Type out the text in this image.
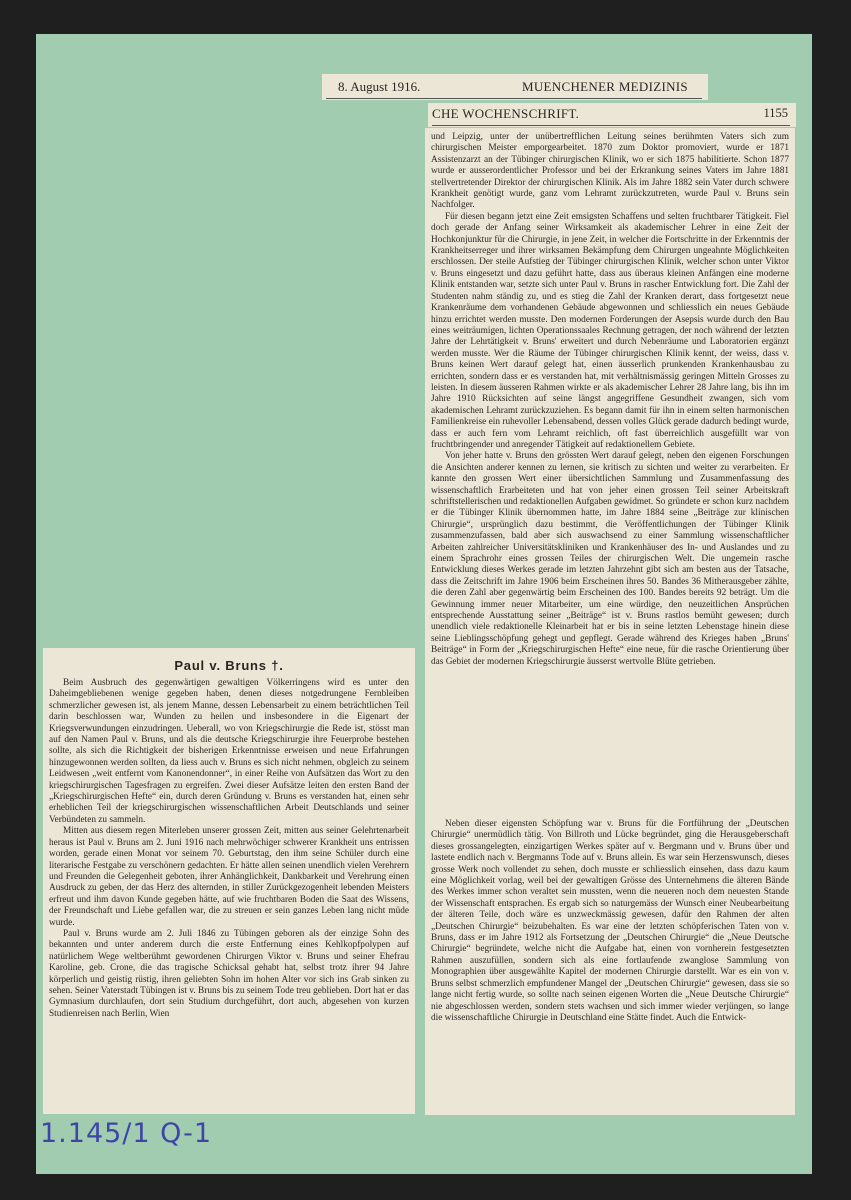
8. August 1916.	MUENCHENER MEDIZINIS
CHE WOCHENSCHRIFT.	1155

und Leipzig, unter der unübertrefflichen Leitung seines berühmten Vaters sich zum chirurgischen Meister emporgearbeitet. 1870 zum Doktor promoviert, wurde er 1871 Assistenzarzt an der Tübinger chirurgischen Klinik, wo er sich 1875 habilitierte. Schon 1877 wurde er ausserordentlicher Professor und bei der Erkrankung seines Vaters im Jahre 1881 stellvertretender Direktor der chirurgischen Klinik. Als im Jahre 1882 sein Vater durch schwere Krankheit genötigt wurde, ganz vom Lehramt zurückzutreten, wurde Paul v. Bruns sein Nachfolger.

Für diesen begann jetzt eine Zeit emsigsten Schaffens und selten fruchtbarer Tätigkeit. Fiel doch gerade der Anfang seiner Wirksamkeit als akademischer Lehrer in eine Zeit der Hochkonjunktur für die Chirurgie, in jene Zeit, in welcher die Fortschritte in der Erkenntnis der Krankheitserreger und ihrer wirksamen Bekämpfung dem Chirurgen ungeahnte Möglichkeiten erschlossen. Der steile Aufstieg der Tübinger chirurgischen Klinik, welcher schon unter Viktor v. Bruns eingesetzt und dazu geführt hatte, dass aus überaus kleinen Anfängen eine moderne Klinik entstanden war, setzte sich unter Paul v. Bruns in rascher Entwicklung fort. Die Zahl der Studenten nahm ständig zu, und es stieg die Zahl der Kranken derart, dass fortgesetzt neue Krankenräume dem vorhandenen Gebäude abgewonnen und schliesslich ein neues Gebäude hinzu errichtet werden musste. Den modernen Forderungen der Asepsis wurde durch den Bau eines weiträumigen, lichten Operationssaales Rechnung getragen, der noch während der letzten Jahre der Lehrtätigkeit v. Bruns' erweitert und durch Nebenräume und Laboratorien ergänzt werden musste. Wer die Räume der Tübinger chirurgischen Klinik kennt, der weiss, dass v. Bruns keinen Wert darauf gelegt hat, einen äusserlich prunkenden Krankenhausbau zu errichten, sondern dass er es verstanden hat, mit verhältnismässig geringen Mitteln Grosses zu leisten. In diesem äusseren Rahmen wirkte er als akademischer Lehrer 28 Jahre lang, bis ihn im Jahre 1910 Rücksichten auf seine längst angegriffene Gesundheit zwangen, sich vom akademischen Lehramt zurückzuziehen. Es begann damit für ihn in einem selten harmonischen Familienkreise ein ruhevoller Lebensabend, dessen volles Glück gerade dadurch bedingt wurde, dass er auch fern vom Lehramt reichlich, oft fast überreichlich ausgefüllt war von fruchtbringender und anregender Tätigkeit auf redaktionellem Gebiete.

Von jeher hatte v. Bruns den grössten Wert darauf gelegt, neben den eigenen Forschungen die Ansichten anderer kennen zu lernen, sie kritisch zu sichten und weiter zu verarbeiten. Er kannte den grossen Wert einer übersichtlichen Sammlung und Zusammenfassung des wissenschaftlich Erarbeiteten und hat von jeher einen grossen Teil seiner Arbeitskraft schriftstellerischen und redaktionellen Aufgaben gewidmet. So gründete er schon kurz nachdem er die Tübinger Klinik übernommen hatte, im Jahre 1884 seine „Beiträge zur klinischen Chirurgie“, ursprünglich dazu bestimmt, die Veröffentlichungen der Tübinger Klinik zusammenzufassen, bald aber sich auswachsend zu einer Sammlung wissenschaftlicher Arbeiten zahlreicher Universitätskliniken und Krankenhäuser des In- und Auslandes und zu einem Sprachrohr eines grossen Teiles der chirurgischen Welt. Die ungemein rasche Entwicklung dieses Werkes gerade im letzten Jahrzehnt gibt sich am besten aus der Tatsache, dass die Zeitschrift im Jahre 1906 beim Erscheinen ihres 50. Bandes 36 Mitherausgeber zählte, die deren Zahl aber gegenwärtig beim Erscheinen des 100. Bandes bereits 92 beträgt. Um die Gewinnung immer neuer Mitarbeiter, um eine würdige, den neuzeitlichen Ansprüchen entsprechende Ausstattung seiner „Beiträge“ ist v. Bruns rastlos bemüht gewesen; durch unendlich viele redaktionelle Kleinarbeit hat er bis in seine letzten Lebenstage hinein diese seine Lieblingsschöpfung gehegt und gepflegt. Gerade während des Krieges haben „Bruns' Beiträge“ in Form der „Kriegschirurgischen Hefte“ eine neue, für die rasche Orientierung über das Gebiet der modernen Kriegschirurgie äusserst wertvolle Blüte getrieben.

Neben dieser eigensten Schöpfung war v. Bruns für die Fortführung der „Deutschen Chirurgie“ unermüdlich tätig. Von Billroth und Lücke begründet, ging die Herausgeberschaft dieses grossangelegten, einzigartigen Werkes später auf v. Bergmann und v. Bruns über und lastete endlich nach v. Bergmanns Tode auf v. Bruns allein. Es war sein Herzenswunsch, dieses grosse Werk noch vollendet zu sehen, doch musste er schliesslich einsehen, dass dazu kaum eine Möglichkeit vorlag, weil bei der gewaltigen Grösse des Unternehmens die älteren Bände des Werkes immer schon veraltet sein mussten, wenn die neueren noch dem neuesten Stande der Wissenschaft entsprachen. Es ergab sich so naturgemäss der Wunsch einer Neubearbeitung der älteren Teile, doch wäre es unzweckmässig gewesen, dafür den Rahmen der alten „Deutschen Chirurgie“ beizubehalten. Es war eine der letzten schöpferischen Taten von v. Bruns, dass er im Jahre 1912 als Fortsetzung der „Deutschen Chirurgie“ die „Neue Deutsche Chirurgie“ begründete, welche nicht die Aufgabe hat, einen von vornherein festgesetzten Rahmen auszufüllen, sondern sich als eine fortlaufende zwanglose Sammlung von Monographien über ausgewählte Kapitel der modernen Chirurgie darstellt. War es ein von v. Bruns selbst schmerzlich empfundener Mangel der „Deutschen Chirurgie“ gewesen, dass sie so lange nicht fertig wurde, so sollte nach seinen eigenen Worten die „Neue Deutsche Chirurgie“ nie abgeschlossen werden, sondern stets wachsen und sich immer wieder verjüngen, so lange die wissenschaftliche Chirurgie in Deutschland eine Stätte findet. Auch die Entwick-

Paul v. Bruns †.

Beim Ausbruch des gegenwärtigen gewaltigen Völkerringens wird es unter den Daheimgebliebenen wenige gegeben haben, denen dieses notgedrungene Fernbleiben schmerzlicher gewesen ist, als jenem Manne, dessen Lebensarbeit zu einem beträchtlichen Teil darin beschlossen war, Wunden zu heilen und insbesondere in die Eigenart der Kriegsverwundungen einzudringen. Ueberall, wo von Kriegschirurgie die Rede ist, stösst man auf den Namen Paul v. Bruns, und als die deutsche Kriegschirurgie ihre Feuerprobe bestehen sollte, als sich die Richtigkeit der bisherigen Erkenntnisse erweisen und neue Erfahrungen hinzugewonnen werden sollten, da liess auch v. Bruns es sich nicht nehmen, obgleich zu seinem Leidwesen „weit entfernt vom Kanonendonner“, in einer Reihe von Aufsätzen das Wort zu den kriegschirurgischen Tagesfragen zu ergreifen. Zwei dieser Aufsätze leiten den ersten Band der „Kriegschirurgischen Hefte“ ein, durch deren Gründung v. Bruns es verstanden hat, einen sehr erheblichen Teil der kriegschirurgischen wissenschaftlichen Arbeit Deutschlands und seiner Verbündeten zu sammeln.

Mitten aus diesem regen Miterleben unserer grossen Zeit, mitten aus seiner Gelehrtenarbeit heraus ist Paul v. Bruns am 2. Juni 1916 nach mehrwöchiger schwerer Krankheit uns entrissen worden, gerade einen Monat vor seinem 70. Geburtstag, den ihm seine Schüler durch eine literarische Festgabe zu verschönern gedachten. Er hätte allen seinen unendlich vielen Verehrern und Freunden die Gelegenheit geboten, ihrer Anhänglichkeit, Dankbarkeit und Verehrung einen Ausdruck zu geben, der das Herz des alternden, in stiller Zurückgezogenheit lebenden Meisters erfreut und ihm davon Kunde gegeben hätte, auf wie fruchtbaren Boden die Saat des Wissens, der Freundschaft und Liebe gefallen war, die zu streuen er sein ganzes Leben lang nicht müde wurde.

Paul v. Bruns wurde am 2. Juli 1846 zu Tübingen geboren als der einzige Sohn des bekannten und unter anderem durch die erste Entfernung eines Kehlkopfpolypen auf natürlichem Wege weltberühmt gewordenen Chirurgen Viktor v. Bruns und seiner Ehefrau Karoline, geb. Crone, die das tragische Schicksal gehabt hat, selbst trotz ihrer 94 Jahre körperlich und geistig rüstig, ihren geliebten Sohn im hohen Alter vor sich ins Grab sinken zu sehen. Seiner Vaterstadt Tübingen ist v. Bruns bis zu seinem Tode treu geblieben. Dort hat er das Gymnasium durchlaufen, dort sein Studium durchgeführt, dort auch, abgesehen von kurzen Studienreisen nach Berlin, Wien

1.145/1 Q-1
